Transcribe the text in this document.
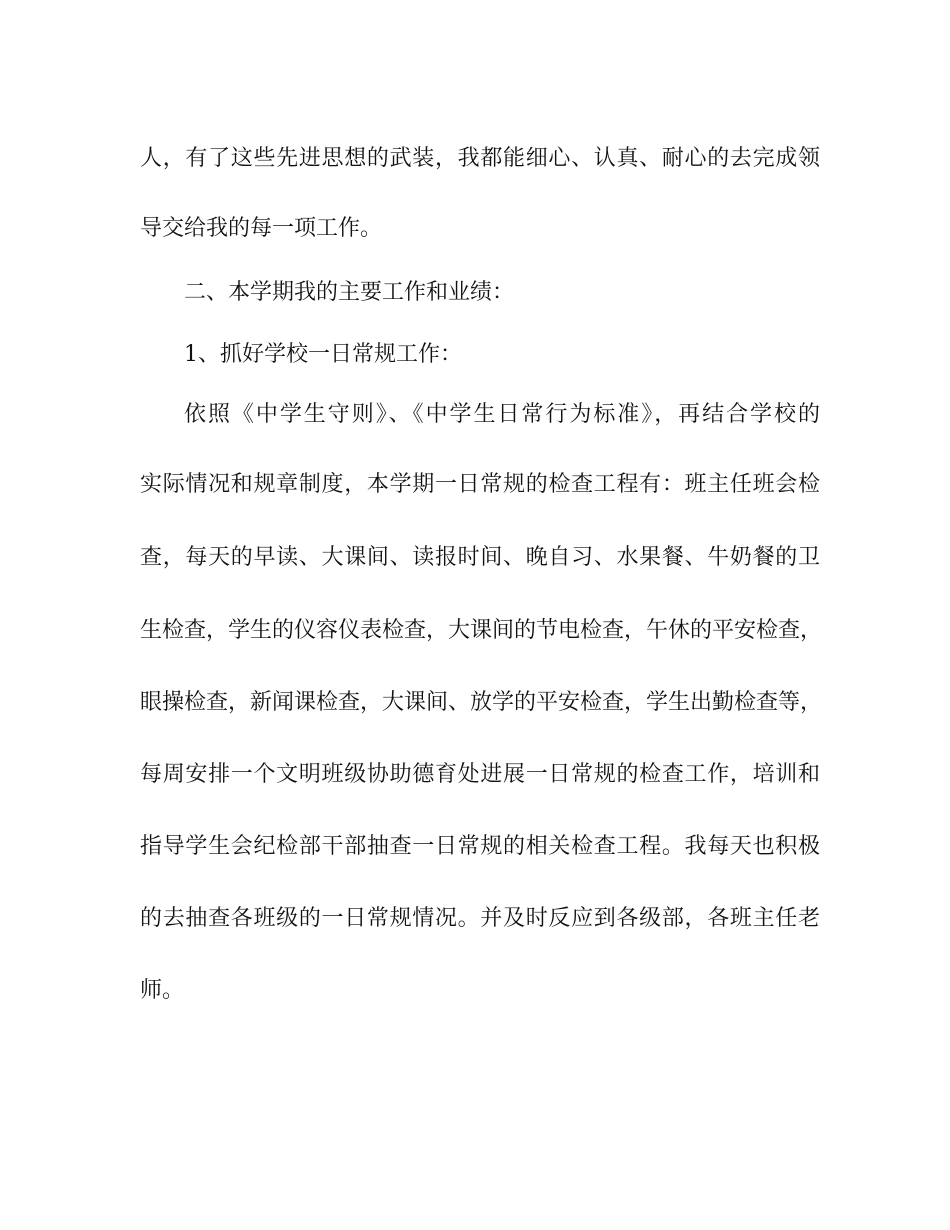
人，有了这些先进思想的武装，我都能细心、认真、耐心的去完成领
导交给我的每一项工作。
二、本学期我的主要工作和业绩：
1、抓好学校一日常规工作：
依照《中学生守则》、《中学生日常行为标准》，再结合学校的
实际情况和规章制度，本学期一日常规的检查工程有：班主任班会检
查，每天的早读、大课间、读报时间、晚自习、水果餐、牛奶餐的卫
生检查，学生的仪容仪表检查，大课间的节电检查，午休的平安检查，
眼操检查，新闻课检查，大课间、放学的平安检查，学生出勤检查等，
每周安排一个文明班级协助德育处进展一日常规的检查工作，培训和
指导学生会纪检部干部抽查一日常规的相关检查工程。我每天也积极
的去抽查各班级的一日常规情况。并及时反应到各级部，各班主任老
师。
